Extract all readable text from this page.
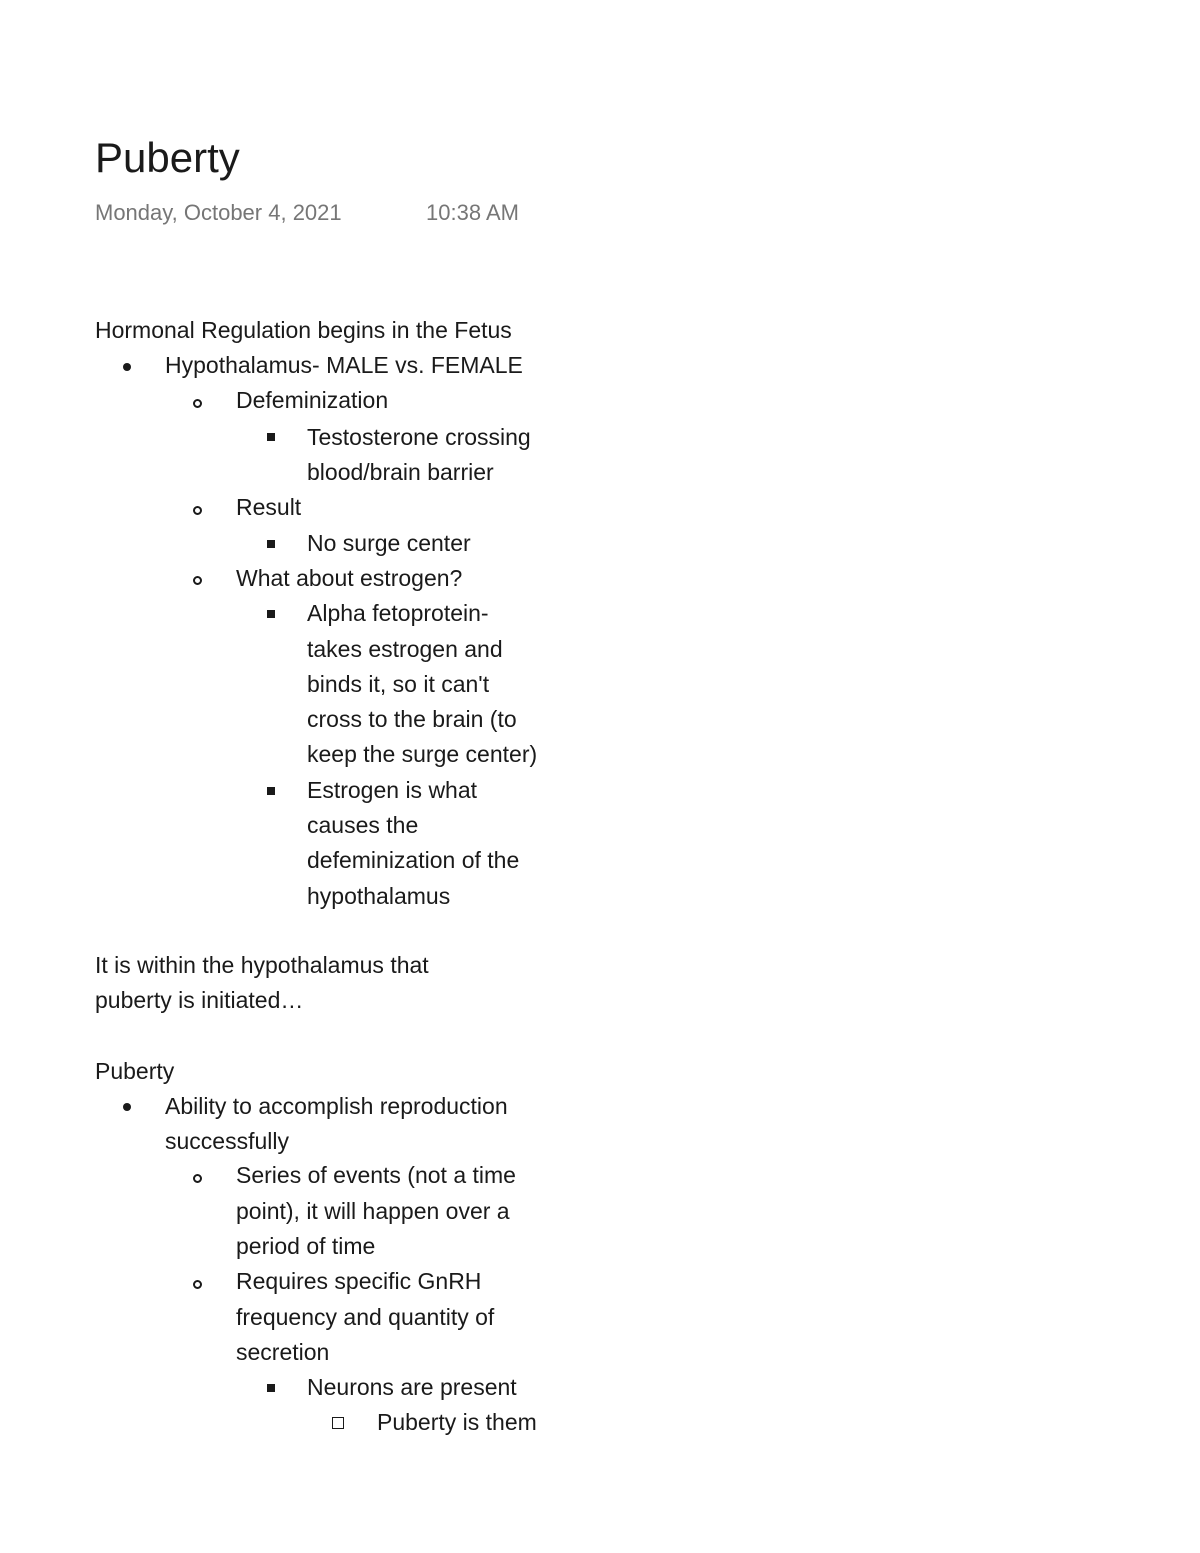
Puberty
Monday, October 4, 2021	10:38 AM
Hormonal Regulation begins in the Fetus
Hypothalamus- MALE vs. FEMALE
Defeminization
Testosterone crossing
blood/brain barrier
Result
No surge center
What about estrogen?
Alpha fetoprotein-
takes estrogen and
binds it, so it can't
cross to the brain (to
keep the surge center)
Estrogen is what
causes the
defeminization of the
hypothalamus
It is within the hypothalamus that
puberty is initiated…
Puberty
Ability to accomplish reproduction
successfully
Series of events (not a time
point), it will happen over a
period of time
Requires specific GnRH
frequency and quantity of
secretion
Neurons are present
Puberty is them
